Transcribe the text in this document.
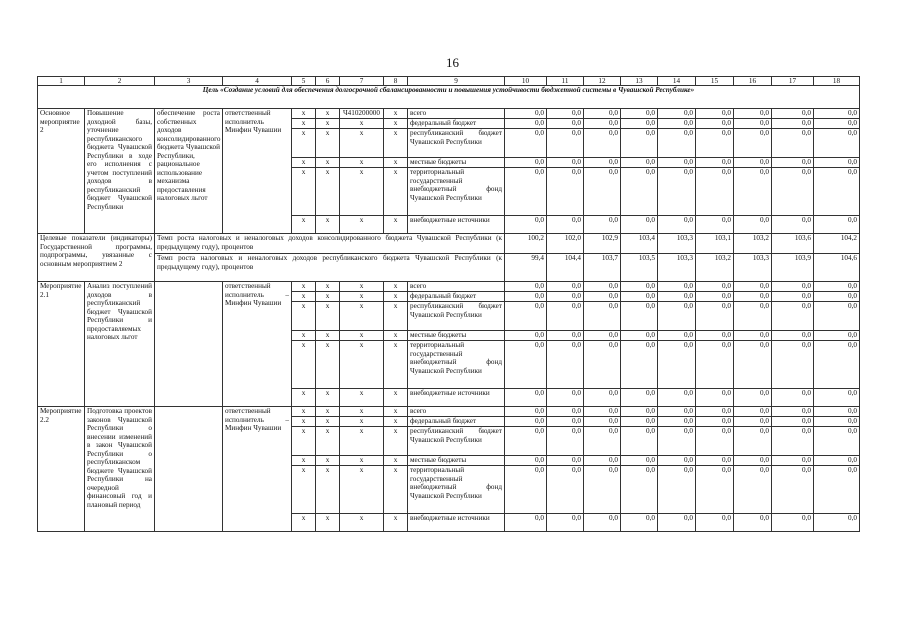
16
1	2	3	4	5	6	7	8	9	10	11	12	13	14	15	16	17	18
Цель «Создание условий для обеспечения долгосрочной сбалансированности и повышения устойчивости бюджетной системы в Чувашской Республике»																	
Основное мероприятие 2	Повышение доходной базы, уточнение республиканского бюджета Чувашской Республики в ходе его исполнения с учетом поступлений доходов в республиканский бюджет Чувашской Республики	обеспечение роста собственных доходов консолидированного бюджета Чувашской Республики, рациональное использование механизма предоставления налоговых льгот	ответственный исполнитель Минфин Чувашии	x	x	Ч410200000	x	всего	0,0	0,0	0,0	0,0	0,0	0,0	0,0	0,0	0,0
				x	x	x	x	федеральный бюджет	0,0	0,0	0,0	0,0	0,0	0,0	0,0	0,0	0,0
				x	x	x	x	республиканский бюджет Чувашской Республики	0,0	0,0	0,0	0,0	0,0	0,0	0,0	0,0	0,0
				x	x	x	x	местные бюджеты	0,0	0,0	0,0	0,0	0,0	0,0	0,0	0,0	0,0
				x	x	x	x	территориальный государственный внебюджетный фонд Чувашской Республики	0,0	0,0	0,0	0,0	0,0	0,0	0,0	0,0	0,0
				x	x	x	x	внебюджетные источники	0,0	0,0	0,0	0,0	0,0	0,0	0,0	0,0	0,0
Целевые показатели (индикаторы) Государственной программы, подпрограммы, увязанные с основным мероприятием 2		Темп роста налоговых и неналоговых доходов консолидированного бюджета Чувашской Республики (к предыдущему году), процентов							100,2	102,0	102,9	103,4	103,3	103,1	103,2	103,6	104,2
		Темп роста налоговых и неналоговых доходов республиканского бюджета Чувашской Республики (к предыдущему году), процентов							99,4	104,4	103,7	103,5	103,3	103,2	103,3	103,9	104,6
Мероприятие 2.1	Анализ поступлений доходов в республиканский бюджет Чувашской Республики и предоставляемых налоговых льгот		ответственный исполнитель – Минфин Чувашии	x	x	x	x	всего	0,0	0,0	0,0	0,0	0,0	0,0	0,0	0,0	0,0
				x	x	x	x	федеральный бюджет	0,0	0,0	0,0	0,0	0,0	0,0	0,0	0,0	0,0
				x	x	x	x	республиканский бюджет Чувашской Республики	0,0	0,0	0,0	0,0	0,0	0,0	0,0	0,0	0,0
				x	x	x	x	местные бюджеты	0,0	0,0	0,0	0,0	0,0	0,0	0,0	0,0	0,0
				x	x	x	x	территориальный государственный внебюджетный фонд Чувашской Республики	0,0	0,0	0,0	0,0	0,0	0,0	0,0	0,0	0,0
				x	x	x	x	внебюджетные источники	0,0	0,0	0,0	0,0	0,0	0,0	0,0	0,0	0,0
Мероприятие 2.2	Подготовка проектов законов Чувашской Республики о внесении изменений в закон Чувашской Республики о республиканском бюджете Чувашской Республики на очередной финансовый год и плановый период		ответственный исполнитель – Минфин Чувашии	x	x	x	x	всего	0,0	0,0	0,0	0,0	0,0	0,0	0,0	0,0	0,0
				x	x	x	x	федеральный бюджет	0,0	0,0	0,0	0,0	0,0	0,0	0,0	0,0	0,0
				x	x	x	x	республиканский бюджет Чувашской Республики	0,0	0,0	0,0	0,0	0,0	0,0	0,0	0,0	0,0
				x	x	x	x	местные бюджеты	0,0	0,0	0,0	0,0	0,0	0,0	0,0	0,0	0,0
				x	x	x	x	территориальный государственный внебюджетный фонд Чувашской Республики	0,0	0,0	0,0	0,0	0,0	0,0	0,0	0,0	0,0
				x	x	x	x	внебюджетные источники	0,0	0,0	0,0	0,0	0,0	0,0	0,0	0,0	0,0
